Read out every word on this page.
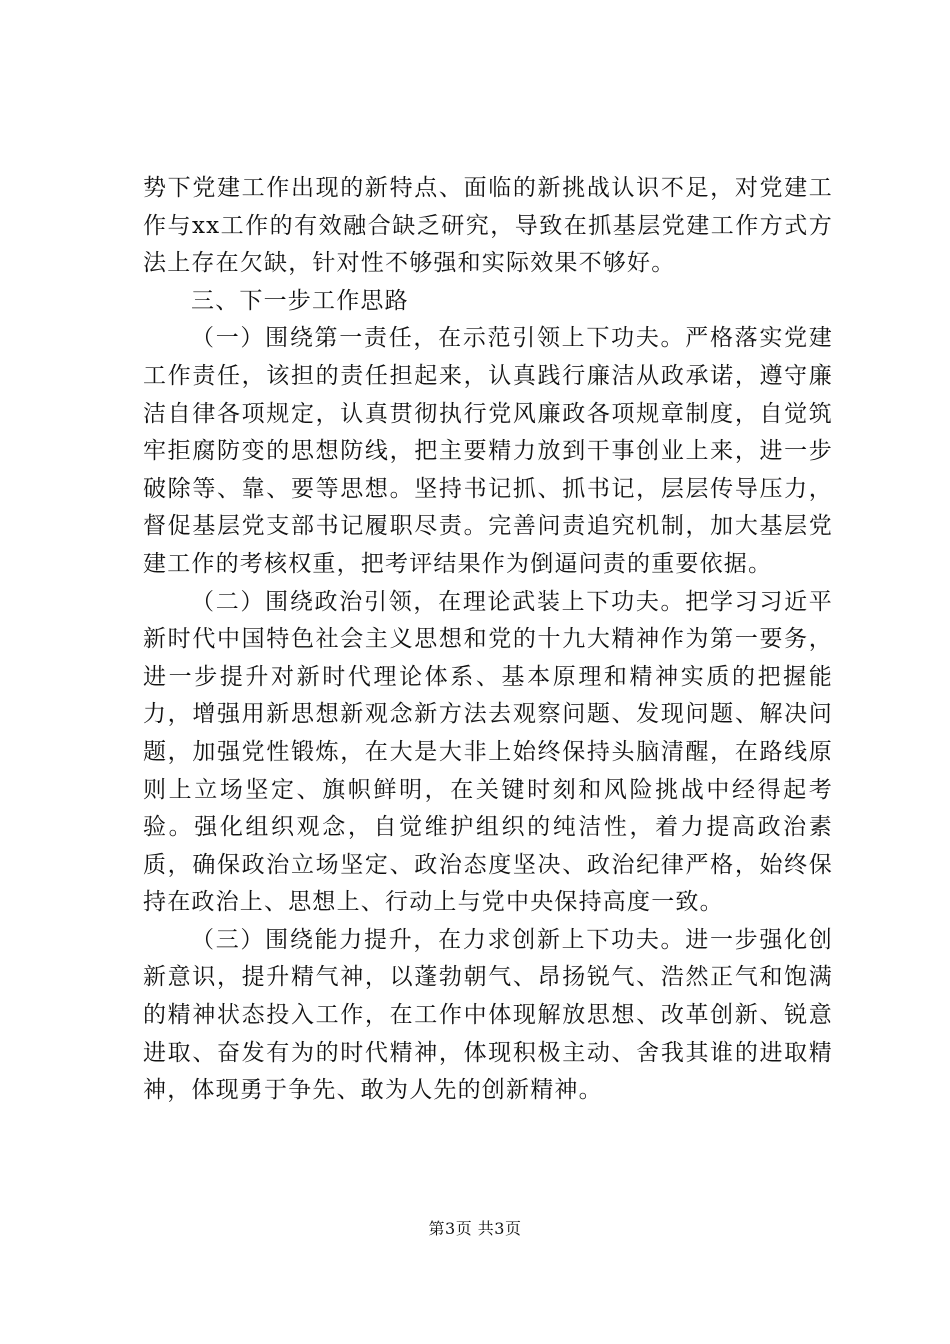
势下党建工作出现的新特点、面临的新挑战认识不足，对党建工作与xx工作的有效融合缺乏研究，导致在抓基层党建工作方式方法上存在欠缺，针对性不够强和实际效果不够好。

三、下一步工作思路

（一）围绕第一责任，在示范引领上下功夫。严格落实党建工作责任，该担的责任担起来，认真践行廉洁从政承诺，遵守廉洁自律各项规定，认真贯彻执行党风廉政各项规章制度，自觉筑牢拒腐防变的思想防线，把主要精力放到干事创业上来，进一步破除等、靠、要等思想。坚持书记抓、抓书记，层层传导压力，督促基层党支部书记履职尽责。完善问责追究机制，加大基层党建工作的考核权重，把考评结果作为倒逼问责的重要依据。

（二）围绕政治引领，在理论武装上下功夫。把学习习近平新时代中国特色社会主义思想和党的十九大精神作为第一要务，进一步提升对新时代理论体系、基本原理和精神实质的把握能力，增强用新思想新观念新方法去观察问题、发现问题、解决问题，加强党性锻炼，在大是大非上始终保持头脑清醒，在路线原则上立场坚定、旗帜鲜明，在关键时刻和风险挑战中经得起考验。强化组织观念，自觉维护组织的纯洁性，着力提高政治素质，确保政治立场坚定、政治态度坚决、政治纪律严格，始终保持在政治上、思想上、行动上与党中央保持高度一致。

（三）围绕能力提升，在力求创新上下功夫。进一步强化创新意识，提升精气神，以蓬勃朝气、昂扬锐气、浩然正气和饱满的精神状态投入工作，在工作中体现解放思想、改革创新、锐意进取、奋发有为的时代精神，体现积极主动、舍我其谁的进取精神，体现勇于争先、敢为人先的创新精神。

第3页 共3页
